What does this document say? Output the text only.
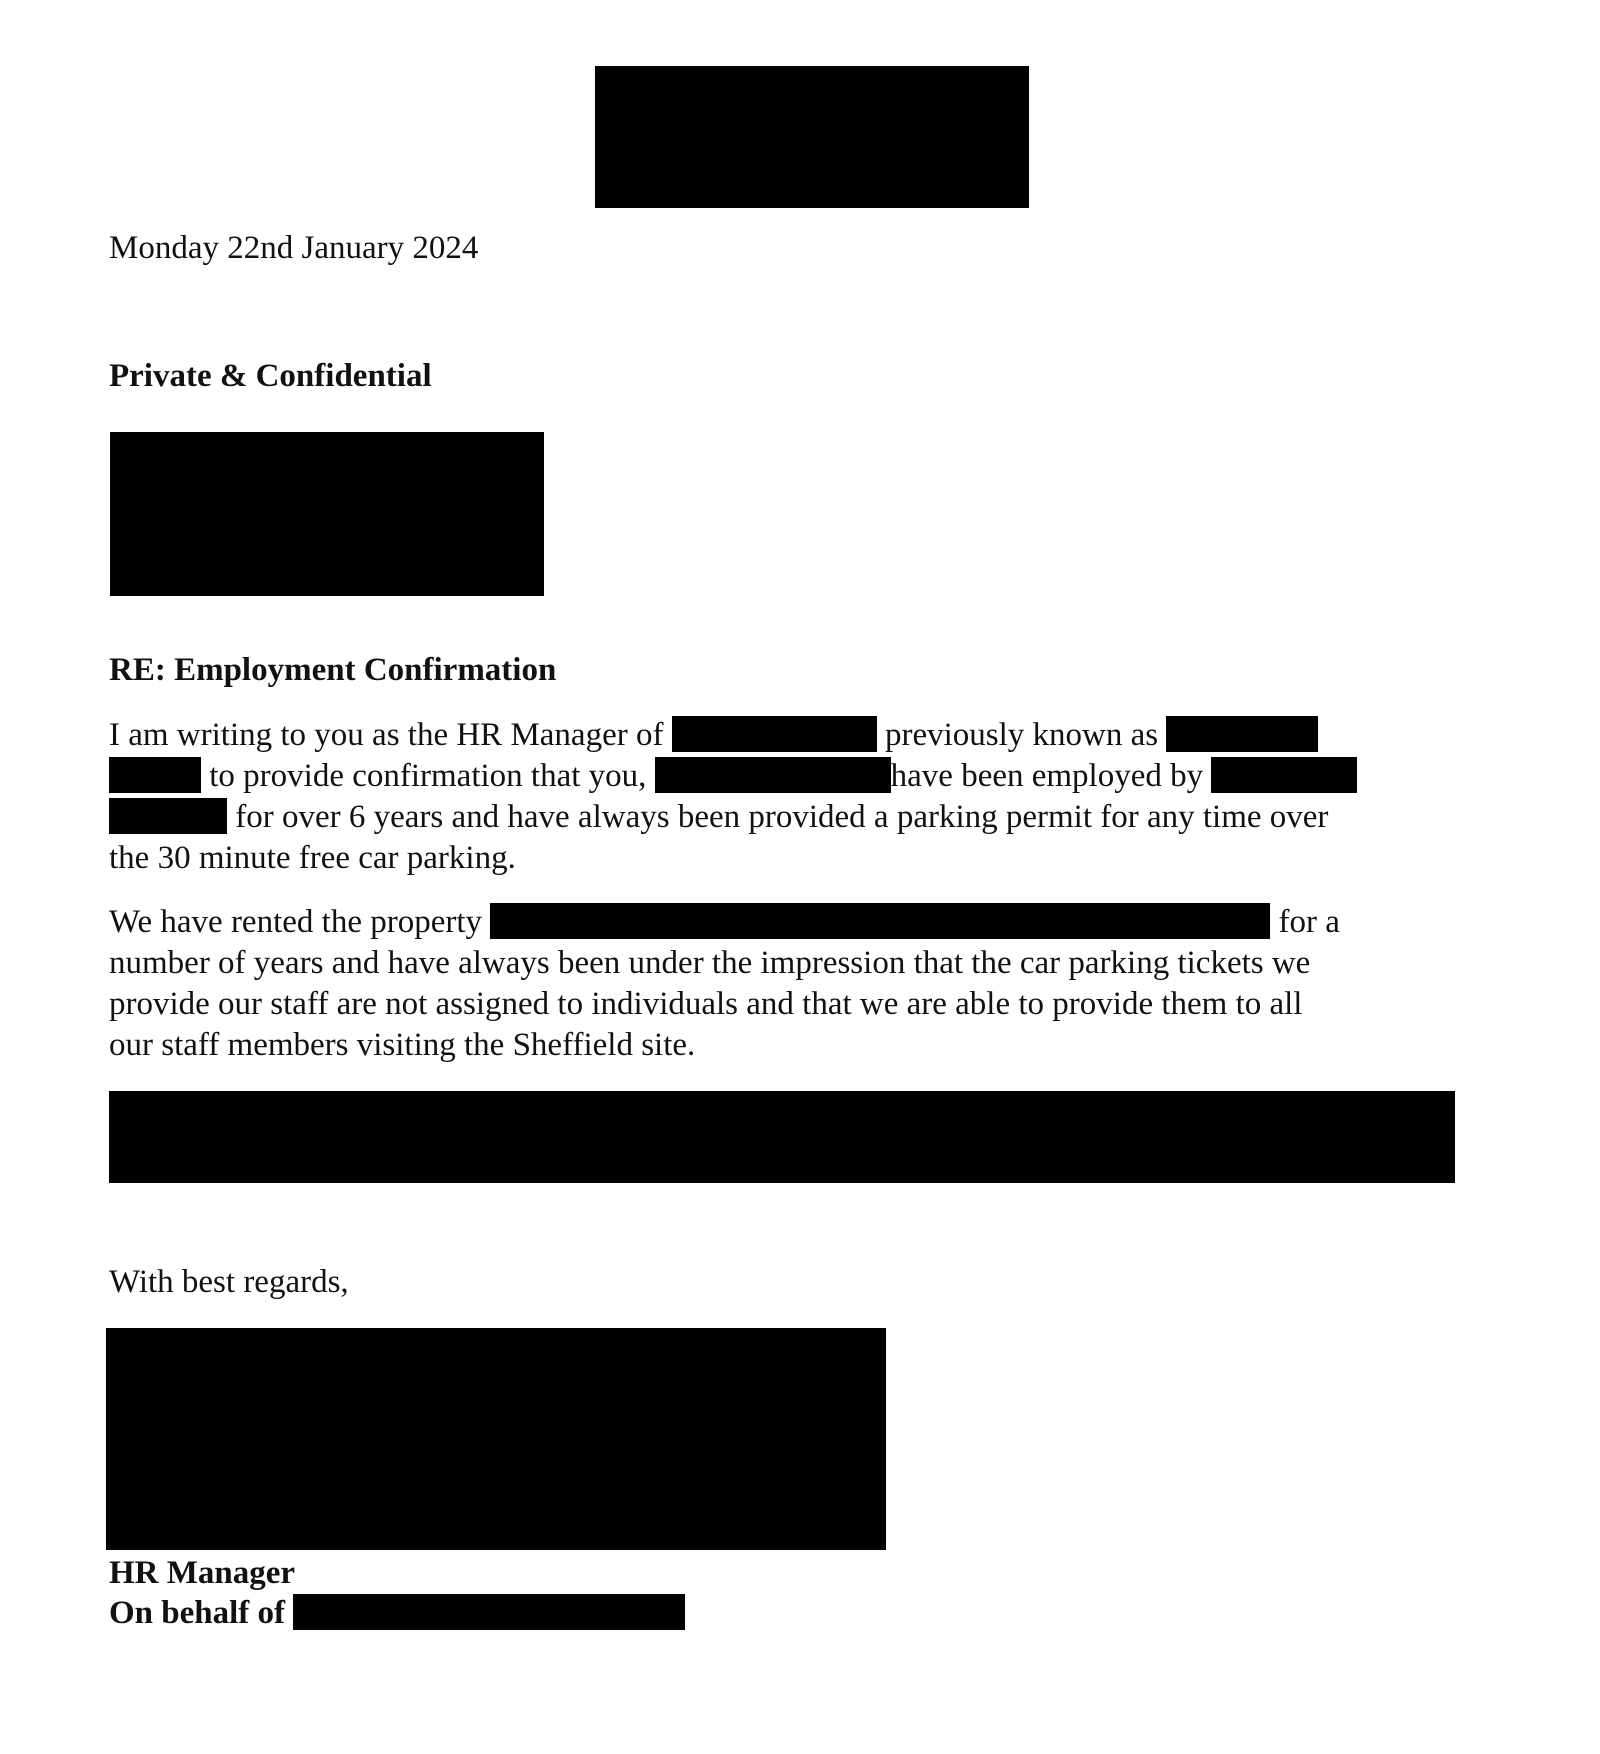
Monday 22nd January 2024
Private & Confidential
RE: Employment Confirmation
I am writing to you as the HR Manager of	previously known as
to provide confirmation that you,	have been employed by
for over 6 years and have always been provided a parking permit for any time over
the 30 minute free car parking.
We have rented the property	for a
number of years and have always been under the impression that the car parking tickets we
provide our staff are not assigned to individuals and that we are able to provide them to all
our staff members visiting the Sheffield site.
With best regards,
HR Manager
On behalf of
